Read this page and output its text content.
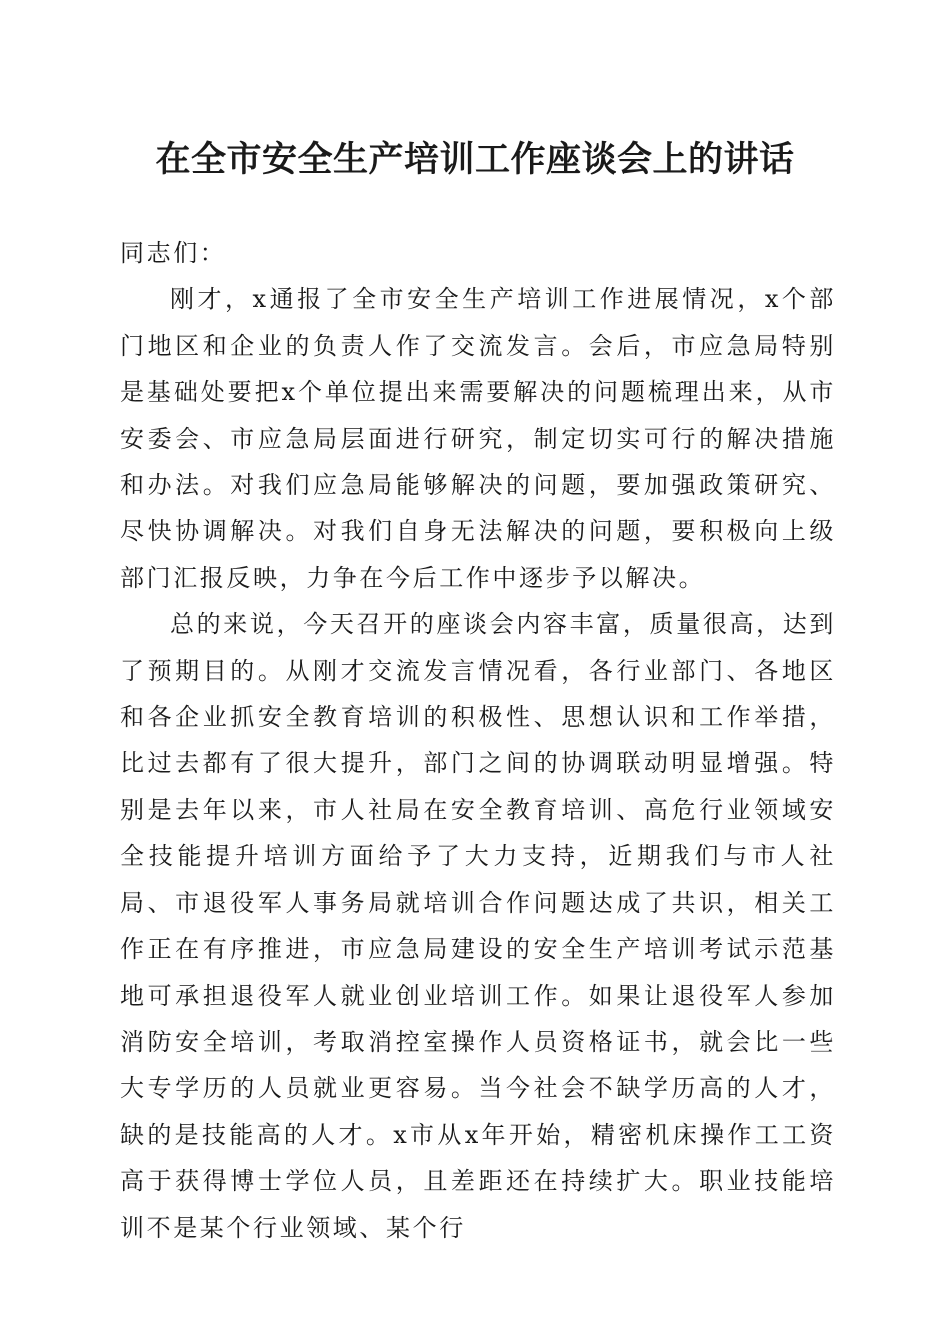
在全市安全生产培训工作座谈会上的讲话

同志们：

刚才，x通报了全市安全生产培训工作进展情况，x个部门地区和企业的负责人作了交流发言。会后，市应急局特别是基础处要把x个单位提出来需要解决的问题梳理出来，从市安委会、市应急局层面进行研究，制定切实可行的解决措施和办法。对我们应急局能够解决的问题，要加强政策研究、尽快协调解决。对我们自身无法解决的问题，要积极向上级部门汇报反映，力争在今后工作中逐步予以解决。

总的来说，今天召开的座谈会内容丰富，质量很高，达到了预期目的。从刚才交流发言情况看，各行业部门、各地区和各企业抓安全教育培训的积极性、思想认识和工作举措，比过去都有了很大提升，部门之间的协调联动明显增强。特别是去年以来，市人社局在安全教育培训、高危行业领域安全技能提升培训方面给予了大力支持，近期我们与市人社局、市退役军人事务局就培训合作问题达成了共识，相关工作正在有序推进，市应急局建设的安全生产培训考试示范基地可承担退役军人就业创业培训工作。如果让退役军人参加消防安全培训，考取消控室操作人员资格证书，就会比一些大专学历的人员就业更容易。当今社会不缺学历高的人才，缺的是技能高的人才。x市从x年开始，精密机床操作工工资高于获得博士学位人员，且差距还在持续扩大。职业技能培训不是某个行业领域、某个行
